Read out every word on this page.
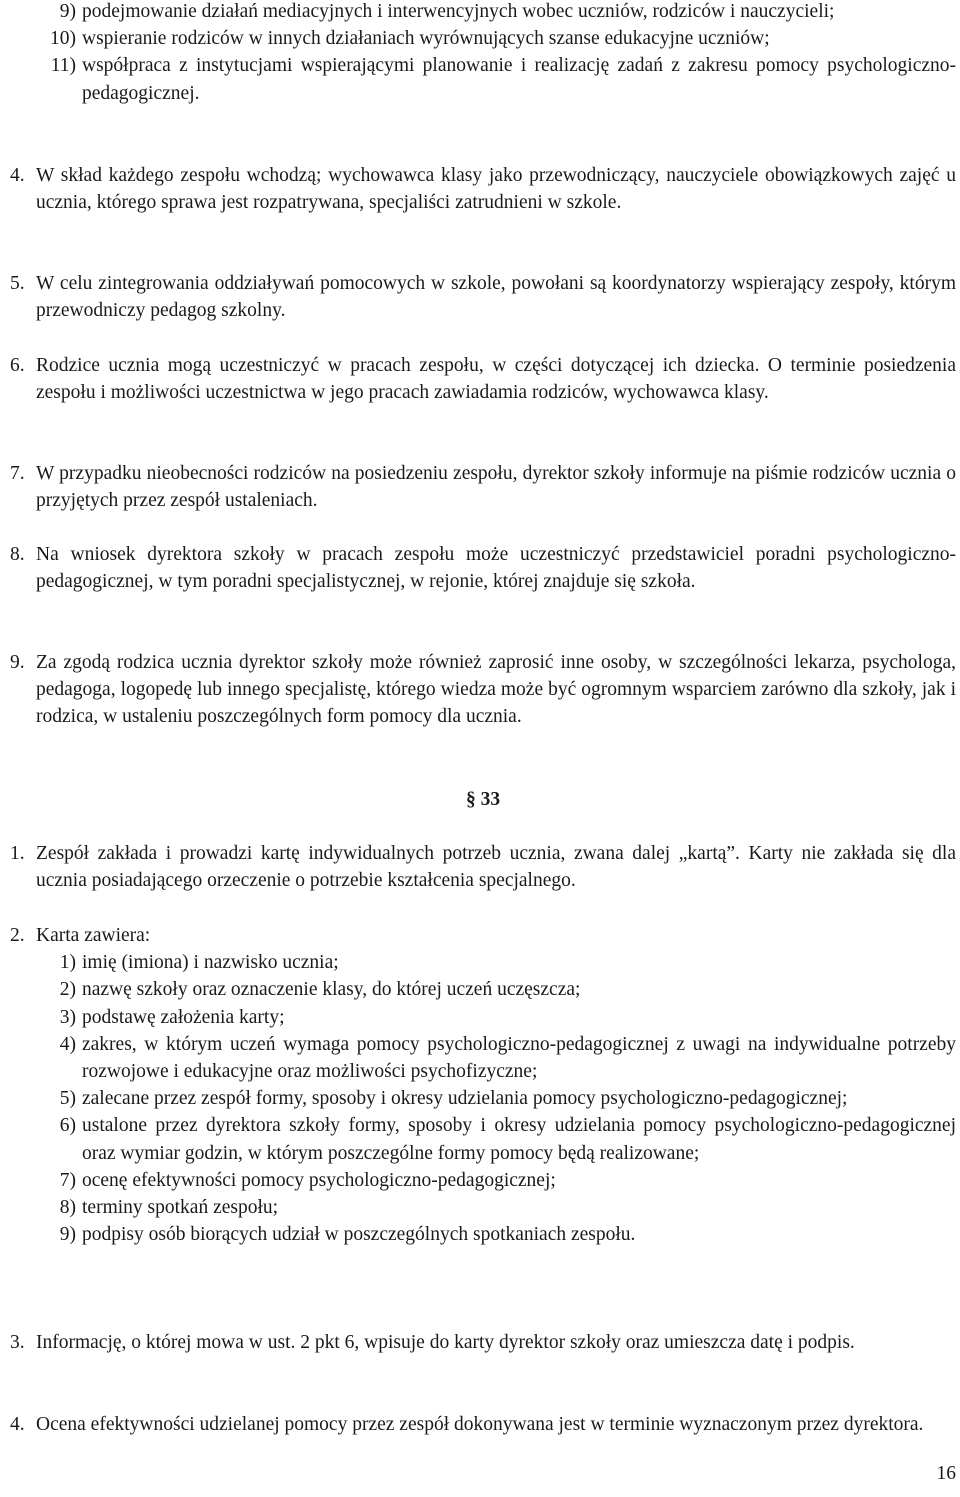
9) podejmowanie działań mediacyjnych i interwencyjnych wobec uczniów, rodziców i nauczycieli;
10) wspieranie rodziców w innych działaniach wyrównujących szanse edukacyjne uczniów;
11) współpraca z instytucjami wspierającymi planowanie i realizację zadań z zakresu pomocy psychologiczno-pedagogicznej.
4. W skład każdego zespołu wchodzą; wychowawca klasy jako przewodniczący, nauczyciele obowiązkowych zajęć u ucznia, którego sprawa jest rozpatrywana, specjaliści zatrudnieni w szkole.
5. W celu zintegrowania oddziaływań pomocowych w szkole, powołani są koordynatorzy wspierający zespoły, którym przewodniczy pedagog szkolny.
6. Rodzice ucznia mogą uczestniczyć w pracach zespołu, w części dotyczącej ich dziecka. O terminie posiedzenia zespołu i możliwości uczestnictwa w jego pracach zawiadamia rodziców, wychowawca klasy.
7. W przypadku nieobecności rodziców na posiedzeniu zespołu, dyrektor szkoły informuje na piśmie rodziców ucznia o przyjętych przez zespół ustaleniach.
8. Na wniosek dyrektora szkoły w pracach zespołu może uczestniczyć przedstawiciel poradni psychologiczno-pedagogicznej, w tym poradni specjalistycznej, w rejonie, której znajduje się szkoła.
9. Za zgodą rodzica ucznia dyrektor szkoły może również zaprosić inne osoby, w szczególności lekarza, psychologa, pedagoga, logopedę lub innego specjalistę, którego wiedza może być ogromnym wsparciem zarówno dla szkoły, jak i rodzica, w ustaleniu poszczególnych form pomocy dla ucznia.
§ 33
1. Zespół zakłada i prowadzi kartę indywidualnych potrzeb ucznia, zwana dalej „kartą”. Karty nie zakłada się dla ucznia posiadającego orzeczenie o potrzebie kształcenia specjalnego.
2. Karta zawiera:
1) imię (imiona) i nazwisko ucznia;
2) nazwę szkoły oraz oznaczenie klasy, do której uczeń uczęszcza;
3) podstawę założenia karty;
4) zakres, w którym uczeń wymaga pomocy psychologiczno-pedagogicznej z uwagi na indywidualne potrzeby rozwojowe i edukacyjne oraz możliwości psychofizyczne;
5) zalecane przez zespół formy, sposoby i okresy udzielania pomocy psychologiczno-pedagogicznej;
6) ustalone przez dyrektora szkoły formy, sposoby i okresy udzielania pomocy psychologiczno-pedagogicznej oraz wymiar godzin, w którym poszczególne formy pomocy będą realizowane;
7) ocenę efektywności pomocy psychologiczno-pedagogicznej;
8) terminy spotkań zespołu;
9) podpisy osób biorących udział w poszczególnych spotkaniach zespołu.
3. Informację, o której mowa w ust. 2 pkt 6, wpisuje do karty dyrektor szkoły oraz umieszcza datę i podpis.
4. Ocena efektywności udzielanej pomocy przez zespół dokonywana jest w terminie wyznaczonym przez dyrektora.
16
